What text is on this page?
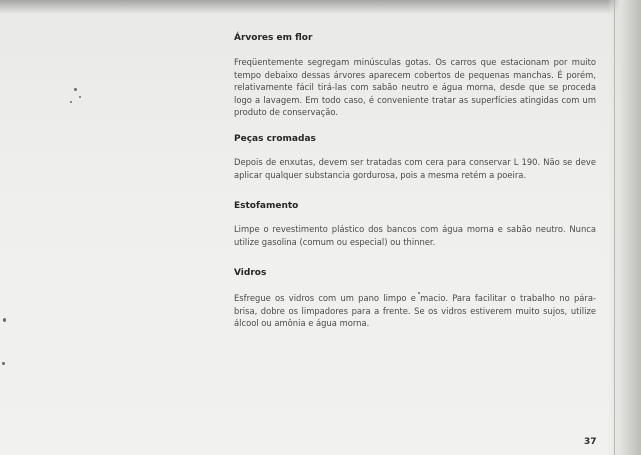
Árvores em flor

Freqüentemente segregam minúsculas gotas. Os carros que estacionam por muito tempo debaixo dessas árvores aparecem cobertos de pequenas manchas. É porém, relativamente fácil tirá-las com sabão neutro e água morna, desde que se proceda logo a lavagem. Em todo caso, é conveniente tratar as superfícies atingidas com um produto de conservação.

Peças cromadas

Depois de enxutas, devem ser tratadas com cera para conservar L 190. Não se deve aplicar qualquer substancia gordurosa, pois a mesma retém a poeira.

Estofamento

Limpe o revestimento plástico dos bancos com água morna e sabão neutro. Nunca utilize gasolina (comum ou especial) ou thinner.

Vidros

Esfregue os vidros com um pano limpo e macio. Para facilitar o trabalho no pára-brisa, dobre os limpadores para a frente. Se os vidros estiverem muito sujos, utilize álcool ou amônia e água morna.

37
